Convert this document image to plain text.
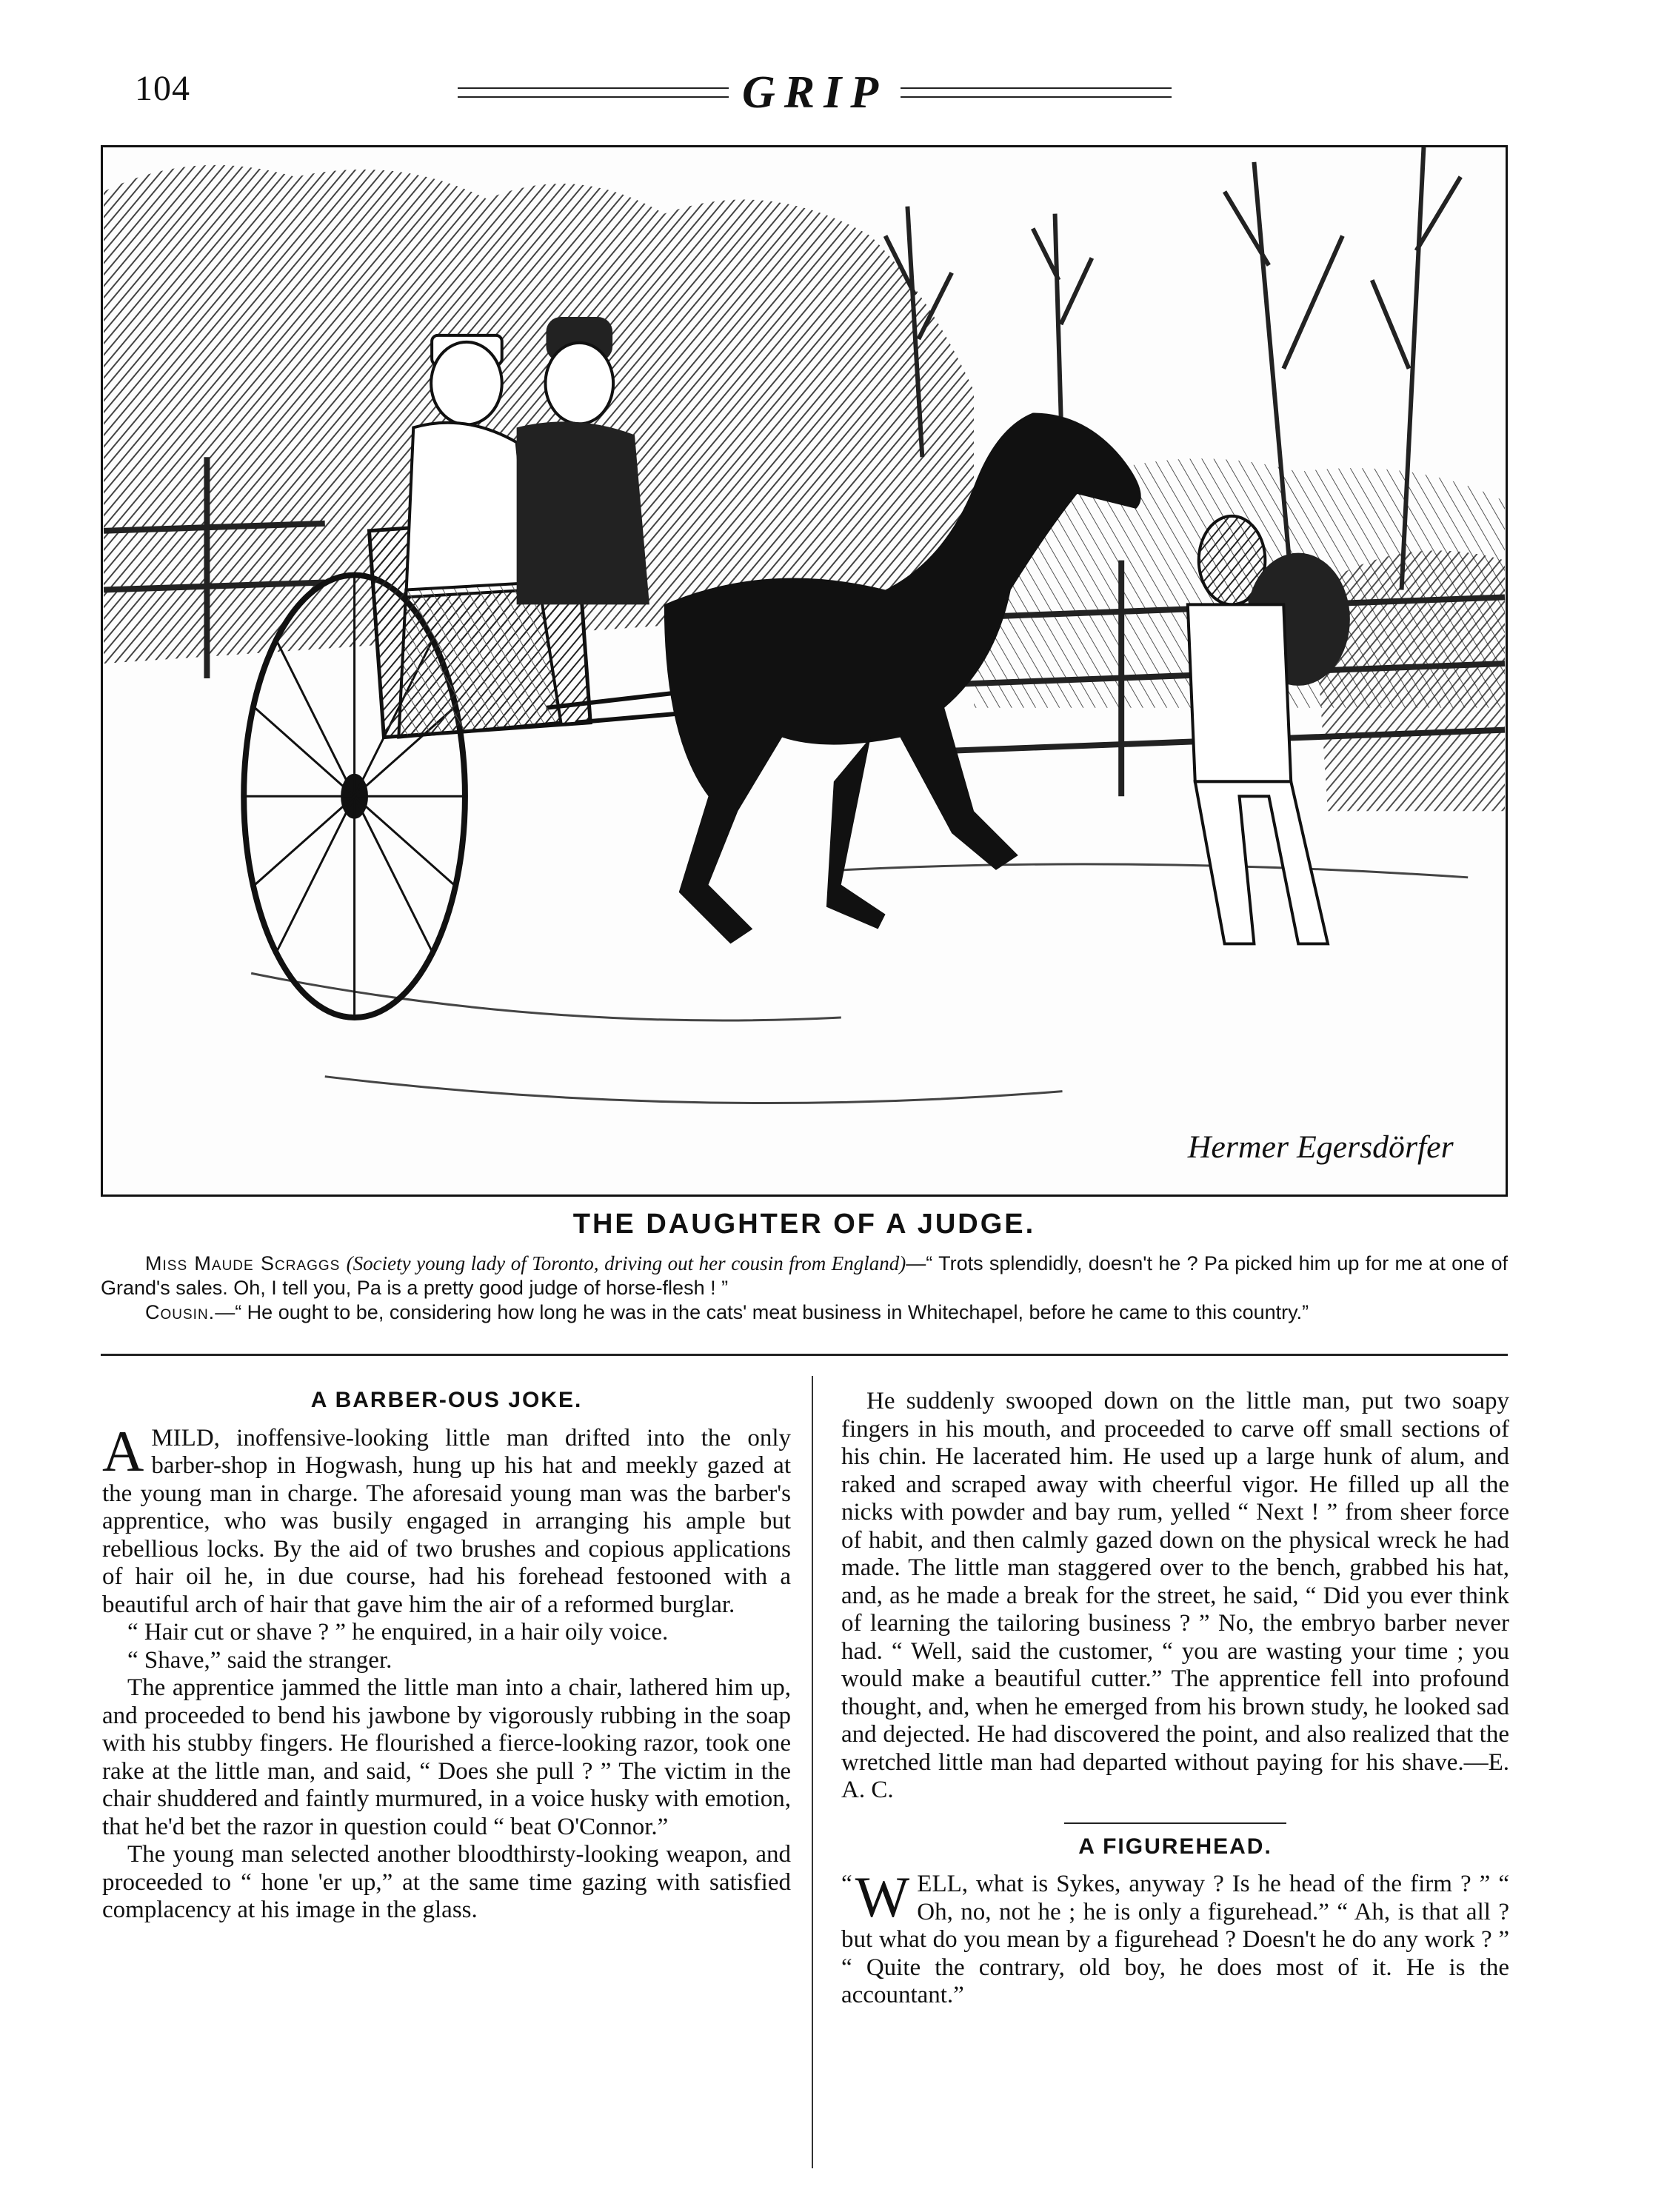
104	GRIP
Hermer Egersdörfer
THE DAUGHTER OF A JUDGE.

Miss Maude Scraggs (Society young lady of Toronto, driving out her cousin from England)—“ Trots splendidly, doesn't he ? Pa picked him up for me at one of Grand's sales. Oh, I tell you, Pa is a pretty good judge of horse-flesh ! ”

Cousin.—“ He ought to be, considering how long he was in the cats' meat business in Whitechapel, before he came to this country.”

A BARBER-OUS JOKE.

AMILD, inoffensive-looking little man drifted into the only barber-shop in Hogwash, hung up his hat and meekly gazed at the young man in charge. The aforesaid young man was the barber's apprentice, who was busily engaged in arranging his ample but rebellious locks. By the aid of two brushes and copious applications of hair oil he, in due course, had his forehead festooned with a beautiful arch of hair that gave him the air of a reformed burglar.

“ Hair cut or shave ? ” he enquired, in a hair oily voice.

“ Shave,” said the stranger.

The apprentice jammed the little man into a chair, lathered him up, and proceeded to bend his jawbone by vigorously rubbing in the soap with his stubby fingers. He flourished a fierce-looking razor, took one rake at the little man, and said, “ Does she pull ? ” The victim in the chair shuddered and faintly murmured, in a voice husky with emotion, that he'd bet the razor in question could “ beat O'Connor.”

The young man selected another bloodthirsty-looking weapon, and proceeded to “ hone 'er up,” at the same time gazing with satisfied complacency at his image in the glass.

He suddenly swooped down on the little man, put two soapy fingers in his mouth, and proceeded to carve off small sections of his chin. He lacerated him. He used up a large hunk of alum, and raked and scraped away with cheerful vigor. He filled up all the nicks with powder and bay rum, yelled “ Next ! ” from sheer force of habit, and then calmly gazed down on the physical wreck he had made. The little man staggered over to the bench, grabbed his hat, and, as he made a break for the street, he said, “ Did you ever think of learning the tailoring business ? ” No, the embryo barber never had. “ Well, said the customer, “ you are wasting your time ; you would make a beautiful cutter.” The apprentice fell into profound thought, and, when he emerged from his brown study, he looked sad and dejected. He had discovered the point, and also realized that the wretched little man had departed without paying for his shave.—E. A. C.

A FIGUREHEAD.

“ W ELL, what is Sykes, anyway ? Is he head of the firm ? ” “ Oh, no, not he ; he is only a figurehead.” “ Ah, is that all ? but what do you mean by a figurehead ? Doesn't he do any work ? ” “ Quite the contrary, old boy, he does most of it. He is the accountant.”
